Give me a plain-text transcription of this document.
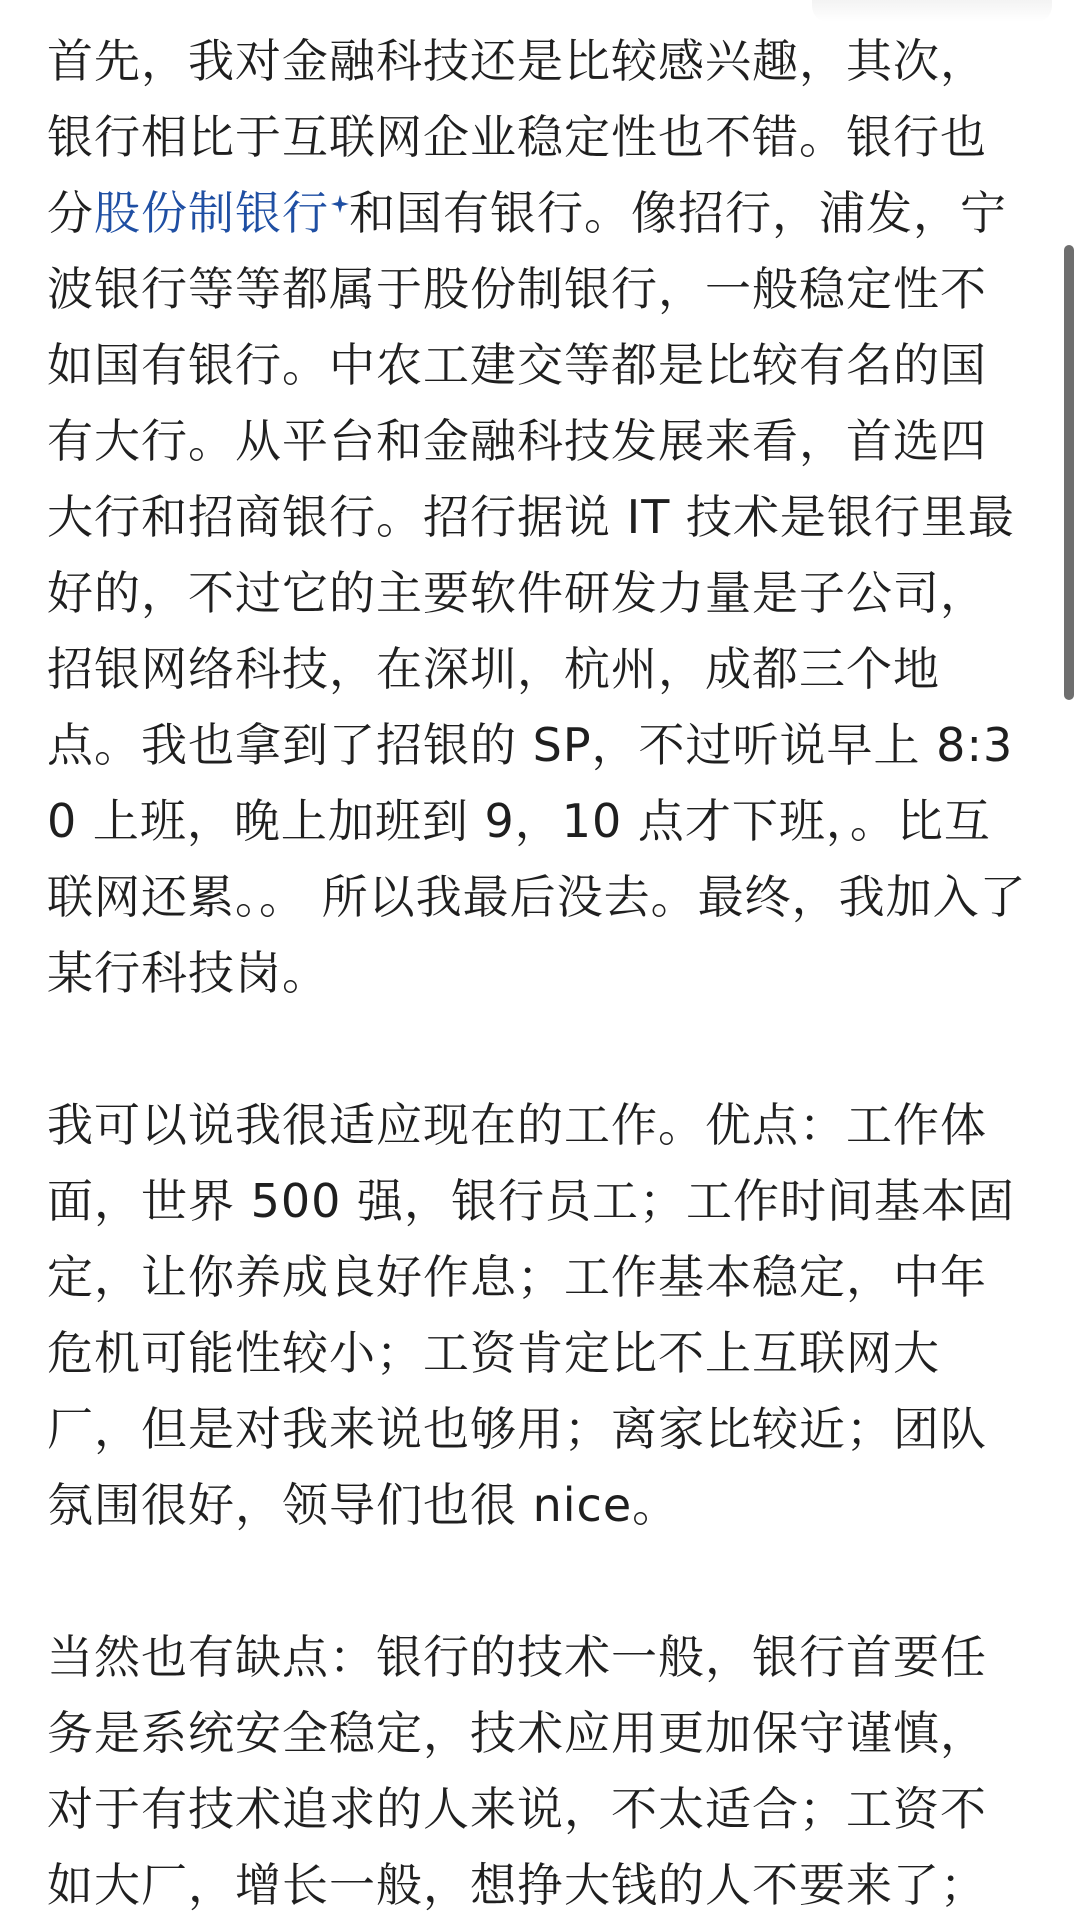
首先，我对金融科技还是比较感兴趣，其次，银行相比于互联网企业稳定性也不错。银行也分股份制银行 和国有银行。像招行，浦发，宁波银行等等都属于股份制银行，一般稳定性不如国有银行。中农工建交等都是比较有名的国有大行。从平台和金融科技发展来看，首选四大行和招商银行。招行据说 IT 技术是银行里最好的，不过它的主要软件研发力量是子公司，招银网络科技，在深圳，杭州，成都三个地点。我也拿到了招银的 SP，不过听说早上 8:30 上班，晚上加班到 9，10 点才下班，。比互联网还累。。 所以我最后没去。最终，我加入了某行科技岗。

我可以说我很适应现在的工作。优点：工作体面，世界 500 强，银行员工；工作时间基本固定，让你养成良好作息；工作基本稳定，中年危机可能性较小；工资肯定比不上互联网大厂，但是对我来说也够用；离家比较近；团队氛围很好，领导们也很 nice。

当然也有缺点：银行的技术一般，银行首要任务是系统安全稳定，技术应用更加保守谨慎，对于有技术追求的人来说，不太适合；工资不如大厂，增长一般，想挣大钱的人不要来了；
